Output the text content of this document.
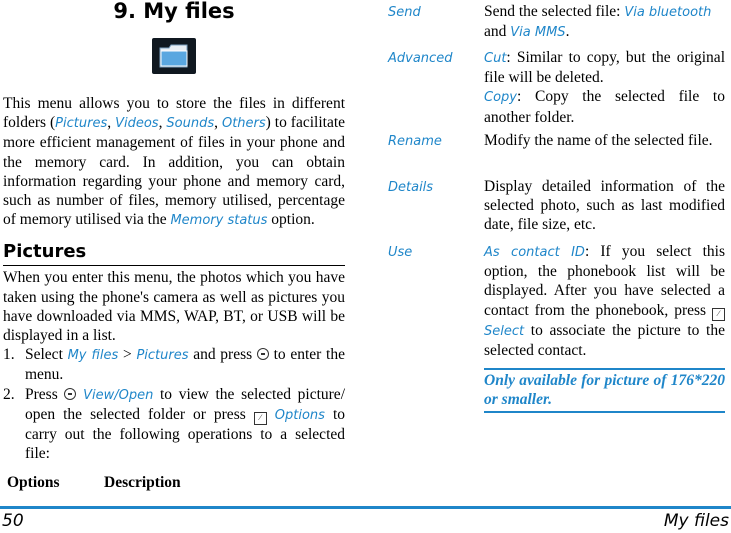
9. My files
This menu allows you to store the files in different folders (Pictures, Videos, Sounds, Others) to facilitate more efficient management of files in your phone and the memory card. In addition, you can obtain information regarding your phone and memory card, such as number of files, memory utilised, percentage of memory utilised via the Memory status option.
Pictures
When you enter this menu, the photos which you have taken using the phone's camera as well as pictures you have downloaded via MMS, WAP, BT, or USB will be displayed in a list.
1. Select My files > Pictures and press  to enter the menu.
2. Press  View/Open to view the selected picture/ open the selected folder or press ⁄ Options to carry out the following operations to a selected file:
Options	Description
Send	Send the selected file: Via bluetooth
and Via MMS.
Advanced	Cut: Similar to copy, but the original file will be deleted.
Copy: Copy the selected file to another folder.
Rename	Modify the name of the selected file.
Details	Display detailed information of the selected photo, such as last modified date, file size, etc.
Use	As contact ID: If you select this option, the phonebook list will be displayed. After you have selected a contact from the phonebook, press ⁄ Select to associate the picture to the selected contact.
Only available for picture of 176*220 or smaller.
50	My files
